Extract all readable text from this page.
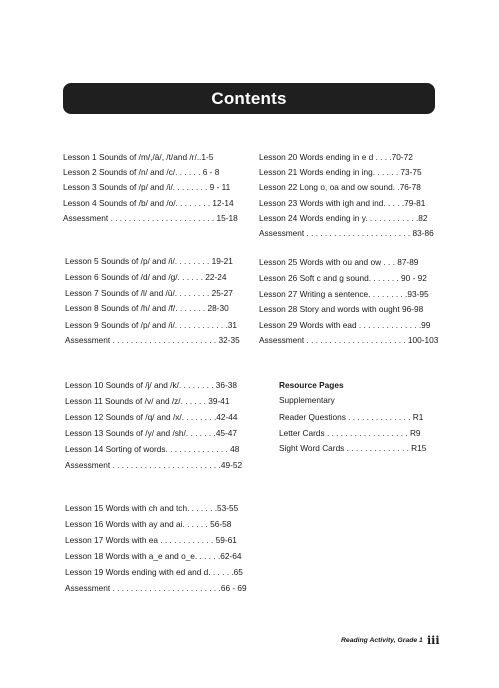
Contents
Lesson 1 Sounds of /m/,/ā/, /t/and /r/..1-5
Lesson 2 Sounds of /n/ and /c/. . . . . . 6 - 8
Lesson 3 Sounds of /p/ and /i/. . . . . . . . 9 - 11
Lesson 4 Sounds of /b/ and /o/. . . . . . . . 12-14
Assessment . . . . . . . . . . . . . . . . . . . . . . . 15-18
Lesson 5 Sounds of /p/ and /i/. . . . . . . . 19-21
Lesson 6 Sounds of /d/ and /g/. . . . . . 22-24
Lesson 7 Sounds of /l/ and /ū/. . . . . . . . 25-27
Lesson 8 Sounds of /h/ and /f/. . . . . . . 28-30
Lesson 9 Sounds of /p/ and /i/. . . . . . . . . . . .31
Assessment . . . . . . . . . . . . . . . . . . . . . . . 32-35
Lesson 10 Sounds of /j/ and /k/. . . . . . . . 36-38
Lesson 11 Sounds of /v/ and /z/. . . . . . 39-41
Lesson 12 Sounds of /q/ and /x/. . . . . . . .42-44
Lesson 13 Sounds of /y/ and /sh/. . . . . . .45-47
Lesson 14 Sorting of words. . . . . . . . . . . . . . 48
Assessment . . . . . . . . . . . . . . . . . . . . . . . .49-52
Lesson 15 Words with ch and tch. . . . . . .53-55
Lesson 16 Words with ay and ai. . . . . . 56-58
Lesson 17 Words with ea . . . . . . . . . . . . 59-61
Lesson 18 Words with a_e and o_e. . . . . .62-64
Lesson 19 Words ending with ed and d. . . . . .65
Assessment . . . . . . . . . . . . . . . . . . . . . . . .66 - 69
Lesson 20 Words ending in e d . . . .70-72
Lesson 21 Words ending in ing. . . . . . 73-75
Lesson 22 Long o, oa and ow sound. .76-78
Lesson 23 Words with igh and ind. . . . .79-81
Lesson 24 Words ending in y. . . . . . . . . . . .82
Assessment . . . . . . . . . . . . . . . . . . . . . . . 83-86
Lesson 25 Words with ou and ow . . . 87-89
Lesson 26 Soft c and g sound. . . . . . . 90 - 92
Lesson 27 Writing a sentence. . . . . . . . .93-95
Lesson 28 Story and words with ought 96-98
Lesson 29 Words with ead . . . . . . . . . . . . . .99
Assessment . . . . . . . . . . . . . . . . . . . . . . 100-103
Resource Pages
Supplementary
Reader Questions . . . . . . . . . . . . . . R1
Letter Cards . . . . . . . . . . . . . . . . . . R9
Sight Word Cards . . . . . . . . . . . . . . R15
Reading Activity, Grade 1 iii
